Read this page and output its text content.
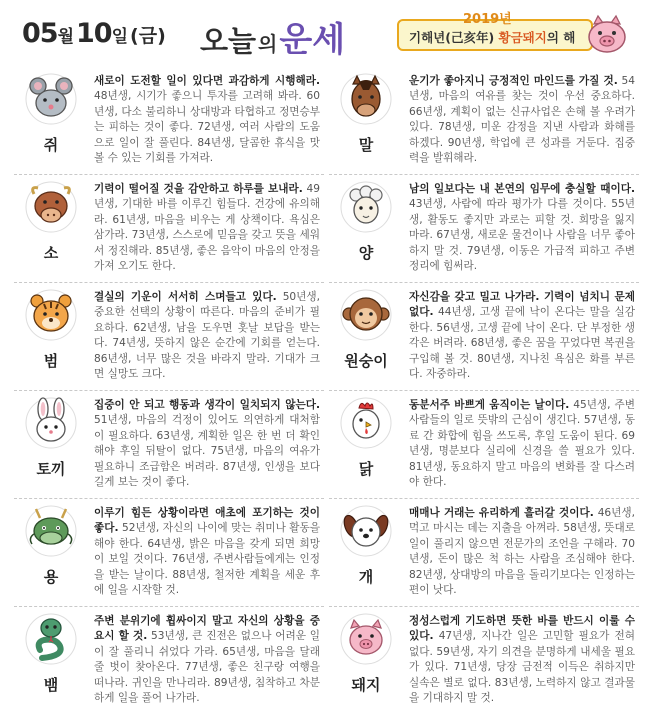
05월10일 (금) 오늘 의운세
2019년
기해년(己亥年) 황금돼지의 해
쥐
새로이 도전할 일이 있다면 과감하게 시행해라. 48년생, 시기가 좋으니 투자를 고려해 봐라. 60년생, 다소 불리하니 상대방과 타협하고 정면승부는 피하는 것이 좋다. 72년생, 여러 사람의 도움으로 일이 잘 풀린다. 84년생, 달콤한 휴식을 맛볼 수 있는 기회를 가져라.
소
기력이 떨어질 것을 감안하고 하루를 보내라. 49년생, 기대한 바를 이루긴 힘들다. 건강에 유의해라. 61년생, 마음을 비우는 게 상책이다. 욕심은 삼가라. 73년생, 스스로에 믿음을 갖고 뜻을 세워서 정진해라. 85년생, 좋은 음악이 마음의 안정을 가져 오기도 한다.
범
결실의 기운이 서서히 스며들고 있다. 50년생, 중요한 선택의 상황이 따른다. 마음의 준비가 필요하다. 62년생, 남을 도우면 홋날 보답을 받는다. 74년생, 뜻하지 않은 순간에 기회를 얻는다. 86년생, 너무 많은 것을 바라지 말라. 기대가 크면 실망도 크다.
토끼
집중이 안 되고 행동과 생각이 일치되지 않는다. 51년생, 마음의 걱정이 있어도 의연하게 대처함이 필요하다. 63년생, 계획한 일은 한 번 더 확인해야 후일 뒤탈이 없다. 75년생, 마음의 여유가 필요하니 조급함은 버려라. 87년생, 인생을 보다 길게 보는 것이 좋다.
용
이루기 힘든 상황이라면 애초에 포기하는 것이 좋다. 52년생, 자신의 나이에 맞는 취미나 활동을 해야 한다. 64년생, 밝은 마음을 갖게 되면 희망이 보일 것이다. 76년생, 주변사람들에게는 인정을 받는 날이다. 88년생, 철저한 계획을 세운 후에 일을 시작할 것.
뱀
주변 분위기에 휩싸이지 말고 자신의 상황을 중요시 할 것. 53년생, 큰 진전은 없으나 어려운 일이 잘 풀리니 쉬었다 가라. 65년생, 마음을 달래 줄 벗이 찾아온다. 77년생, 좋은 친구랑 여행을 떠나라. 귀인을 만나리라. 89년생, 침착하고 차분하게 일을 풀어 나가라.
말
운기가 좋아지니 긍정적인 마인드를 가질 것. 54년생, 마음의 여유를 찾는 것이 우선 중요하다. 66년생, 계획이 없는 신규사업은 손해 볼 우려가 있다. 78년생, 미운 감정을 지낸 사람과 화해를 하겠다. 90년생, 학업에 큰 성과를 거둔다. 집중력을 발휘해라.
양
남의 일보다는 내 본연의 임무에 충실할 때이다. 43년생, 사람에 따라 평가가 다를 것이다. 55년생, 활동도 좋지만 과로는 피할 것. 희망을 잃지 마라. 67년생, 새로운 물건이나 사람을 너무 좋아하지 말 것. 79년생, 이동은 가급적 피하고 주변 정리에 힘써라.
원숭이
자신감을 갖고 밀고 나가라. 기력이 넘치니 문제없다. 44년생, 고생 끝에 낙이 온다는 말을 실감한다. 56년생, 고생 끝에 낙이 온다. 단 부정한 생각은 버려라. 68년생, 좋은 꿈을 꾸었다면 복권을 구입해 볼 것. 80년생, 지나친 욕심은 화를 부른다. 자중하라.
닭
동분서주 바쁘게 움직이는 날이다. 45년생, 주변 사람들의 일로 뜻밖의 근심이 생긴다. 57년생, 동료 간 화합에 힘을 쓰도록, 후일 도움이 된다. 69년생, 명분보다 실리에 신경을 쓸 필요가 있다. 81년생, 동요하지 말고 마음의 변화를 잘 다스려야 한다.
개
매매나 거래는 유리하게 흘러갈 것이다. 46년생, 먹고 마시는 데는 지출을 아껴라. 58년생, 뜻대로 일이 풀리지 않으면 전문가의 조언을 구해라. 70년생, 돈이 많은 척 하는 사람을 조심해야 한다. 82년생, 상대방의 마음을 돌리기보다는 인정하는 편이 낫다.
돼지
정성스럽게 기도하면 뜻한 바를 반드시 이룰 수 있다. 47년생, 지나간 일은 고민할 필요가 전혀 없다. 59년생, 자기 의견을 분명하게 내세울 필요가 있다. 71년생, 당장 금전적 이득은 취하지만 실속은 별로 없다. 83년생, 노력하지 않고 결과물을 기대하지 말 것.
